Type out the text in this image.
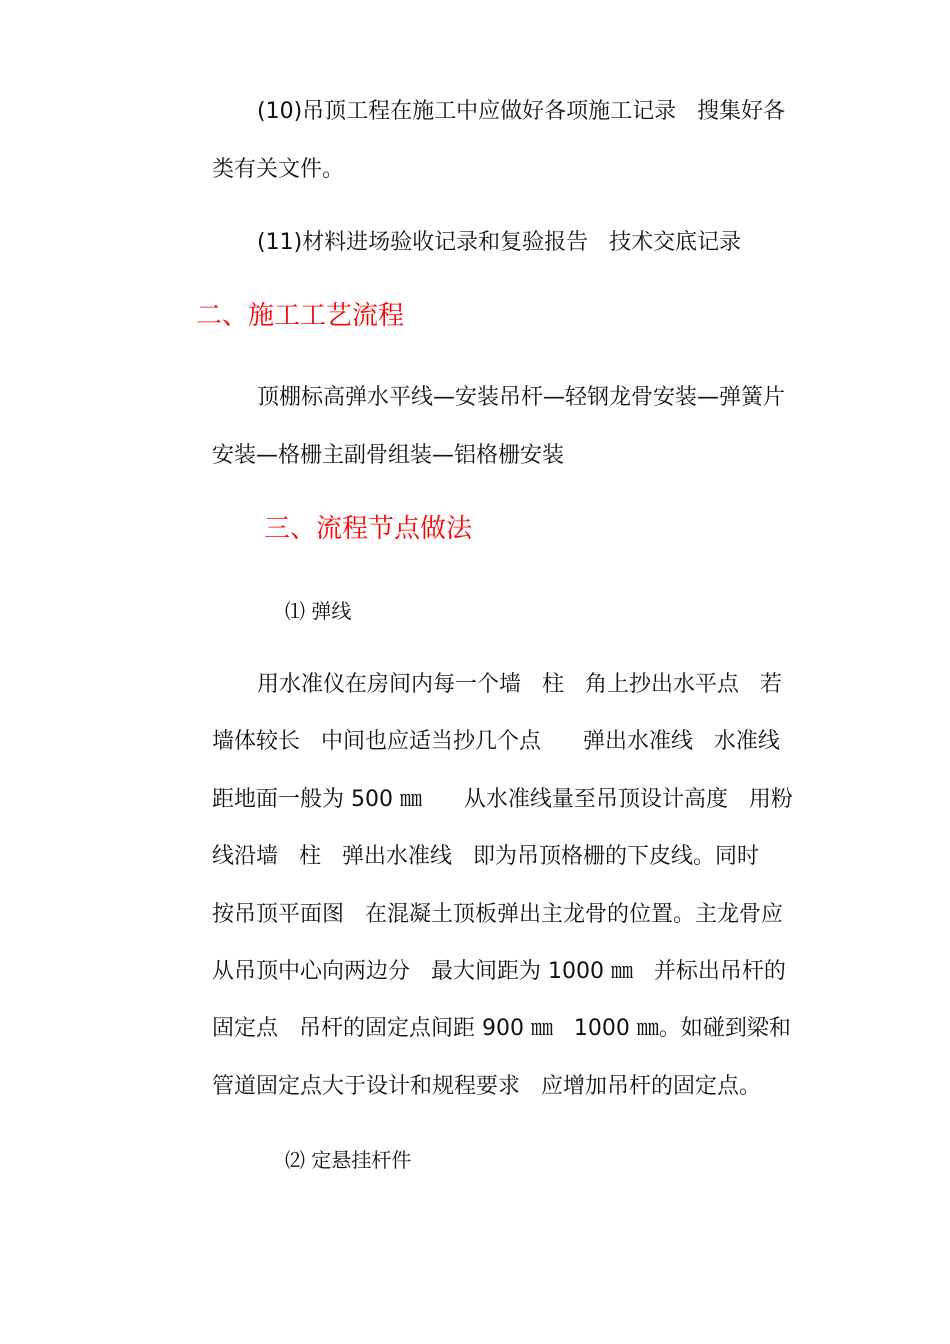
(10)吊顶工程在施工中应做好各项施工记录   搜集好各

类有关文件。

(11)材料进场验收记录和复验报告   技术交底记录

二、施工工艺流程

顶棚标高弹水平线—安装吊杆—轻钢龙骨安装—弹簧片

安装—格栅主副骨组装—铝格栅安装

三、流程节点做法

⑴ 弹线

用水准仪在房间内每一个墙   柱   角上抄出水平点   若

墙体较长   中间也应适当抄几个点      弹出水准线   水准线

距地面一般为 500 ㎜      从水准线量至吊顶设计高度   用粉

线沿墙   柱   弹出水准线   即为吊顶格栅的下皮线。同时

按吊顶平面图   在混凝土顶板弹出主龙骨的位置。主龙骨应

从吊顶中心向两边分   最大间距为 1000 ㎜   并标出吊杆的

固定点   吊杆的固定点间距 900 ㎜   1000 ㎜。如碰到梁和

管道固定点大于设计和规程要求   应增加吊杆的固定点。

⑵ 定悬挂杆件
